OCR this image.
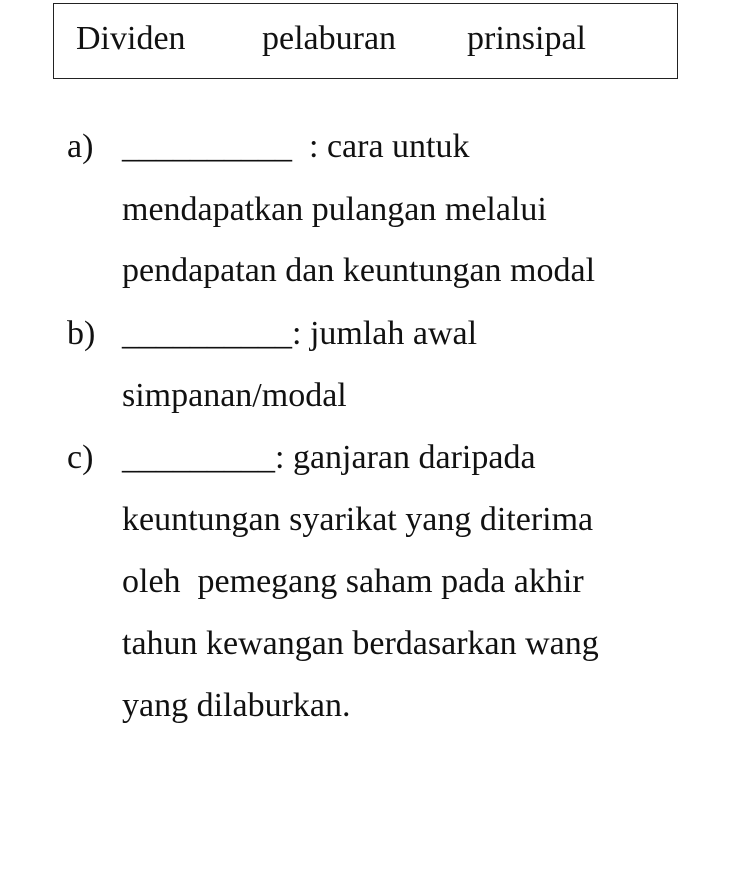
Dividen pelaburan prinsipal
a) __________  : cara untuk
mendapatkan pulangan melalui
pendapatan dan keuntungan modal
b) __________: jumlah awal
simpanan/modal
c) _________: ganjaran daripada
keuntungan syarikat yang diterima
oleh  pemegang saham pada akhir
tahun kewangan berdasarkan wang
yang dilaburkan.
